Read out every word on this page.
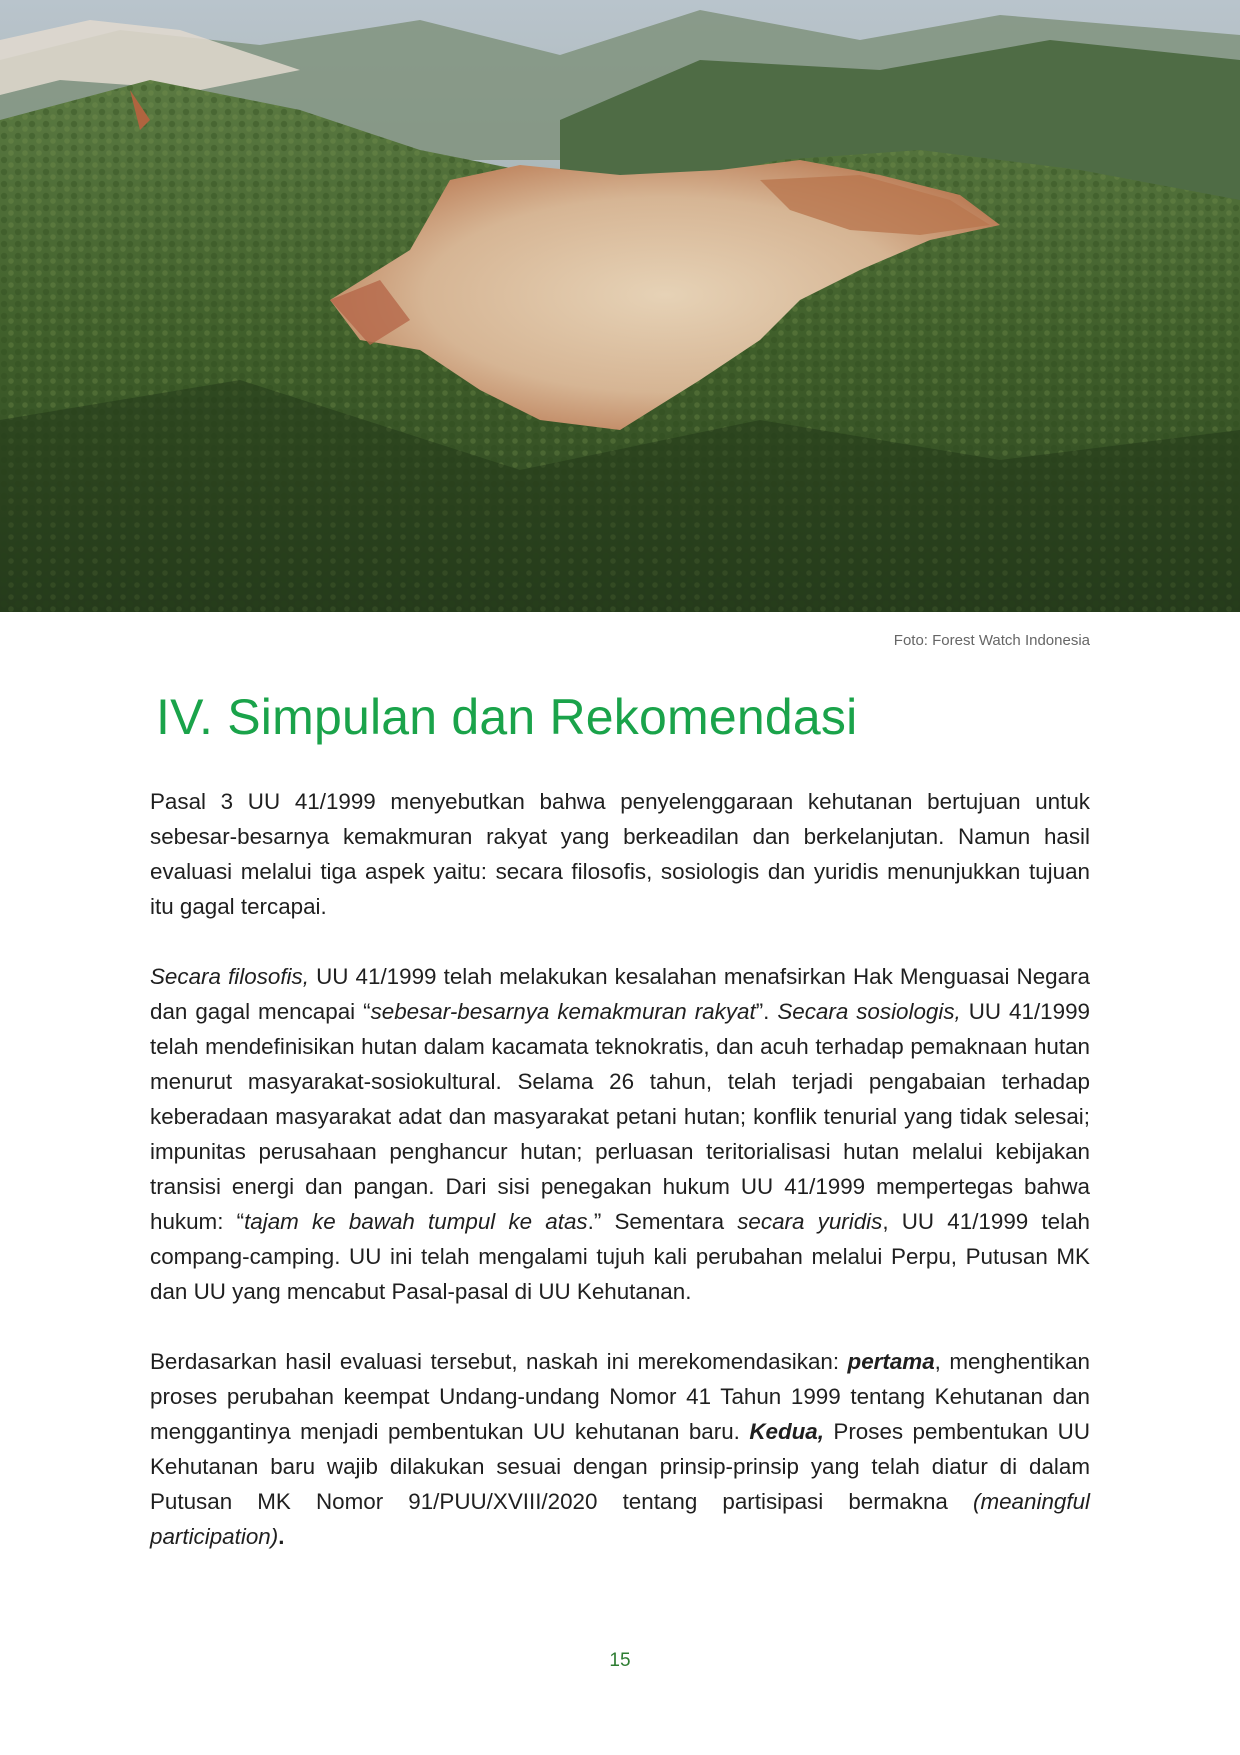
Foto: Forest Watch Indonesia
IV. Simpulan dan Rekomendasi

Pasal 3 UU 41/1999 menyebutkan bahwa penyelenggaraan kehutanan bertujuan untuk sebesar-besarnya kemakmuran rakyat yang berkeadilan dan berkelanjutan. Namun hasil evaluasi melalui tiga aspek yaitu: secara filosofis, sosiologis dan yuridis menunjukkan tujuan itu gagal tercapai.

Secara filosofis, UU 41/1999 telah melakukan kesalahan menafsirkan Hak Menguasai Negara dan gagal mencapai “sebesar-besarnya kemakmuran rakyat”. Secara sosiologis, UU 41/1999 telah mendefinisikan hutan dalam kacamata teknokratis, dan acuh terhadap pemaknaan hutan menurut masyarakat-sosiokultural. Selama 26 tahun, telah terjadi pengabaian terhadap keberadaan masyarakat adat dan masyarakat petani hutan; konflik tenurial yang tidak selesai; impunitas perusahaan penghancur hutan; perluasan teritorialisasi hutan melalui kebijakan transisi energi dan pangan. Dari sisi penegakan hukum UU 41/1999 mempertegas bahwa hukum: “tajam ke bawah tumpul ke atas.” Sementara secara yuridis, UU 41/1999 telah compang-camping. UU ini telah mengalami tujuh kali perubahan melalui Perpu, Putusan MK dan UU yang mencabut Pasal-pasal di UU Kehutanan.

Berdasarkan hasil evaluasi tersebut, naskah ini merekomendasikan: pertama, menghentikan proses perubahan keempat Undang-undang Nomor 41 Tahun 1999 tentang Kehutanan dan menggantinya menjadi pembentukan UU kehutanan baru. Kedua, Proses pembentukan UU Kehutanan baru wajib dilakukan sesuai dengan prinsip-prinsip yang telah diatur di dalam Putusan MK Nomor 91/PUU/XVIII/2020 tentang partisipasi bermakna (meaningful participation).

15
